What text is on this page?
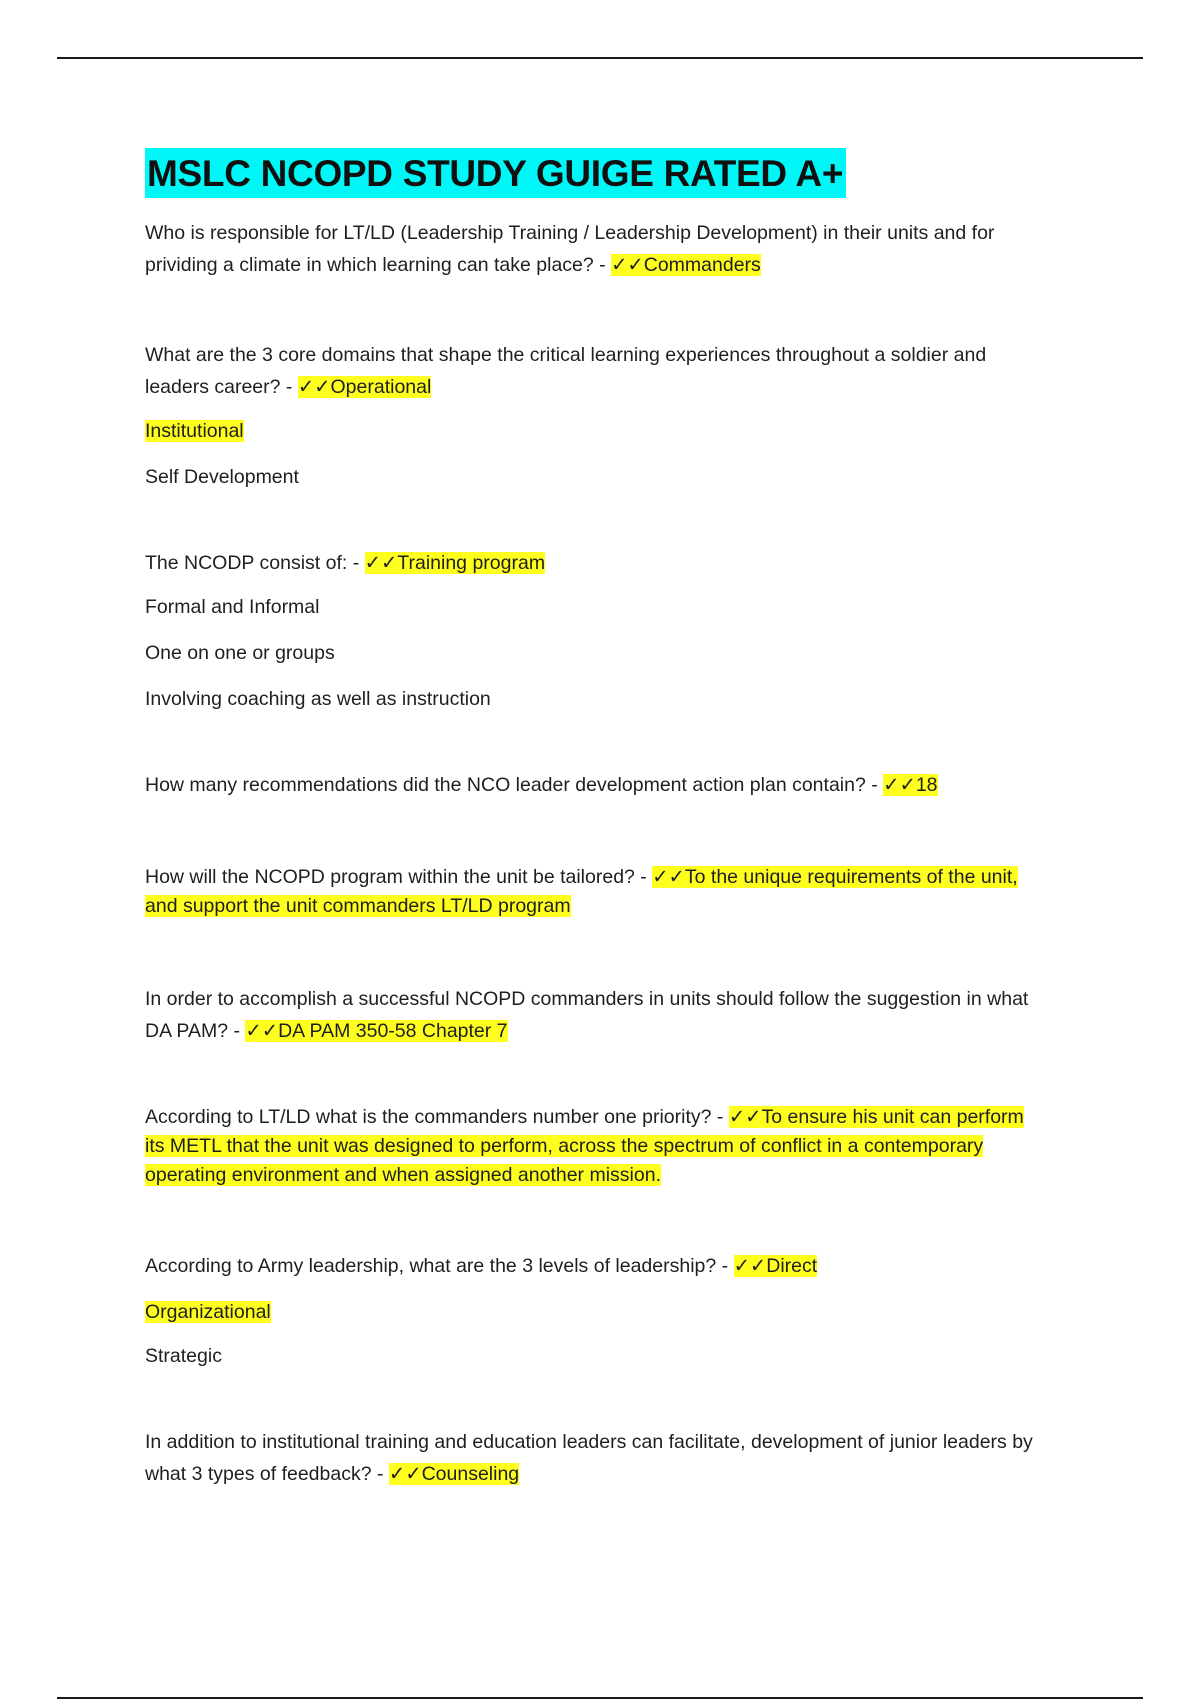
MSLC NCOPD STUDY GUIGE RATED A+

Who is responsible for LT/LD (Leadership Training / Leadership Development) in their units and for prividing a climate in which learning can take place? - ✓✓Commanders

What are the 3 core domains that shape the critical learning experiences throughout a soldier and leaders career? - ✓✓Operational

Institutional

Self Development

The NCODP consist of: - ✓✓Training program

Formal and Informal

One on one or groups

Involving coaching as well as instruction

How many recommendations did the NCO leader development action plan contain? - ✓✓18

How will the NCOPD program within the unit be tailored? - ✓✓To the unique requirements of the unit, and support the unit commanders LT/LD program

In order to accomplish a successful NCOPD commanders in units should follow the suggestion in what DA PAM? - ✓✓DA PAM 350-58 Chapter 7

According to LT/LD what is the commanders number one priority? - ✓✓To ensure his unit can perform its METL that the unit was designed to perform, across the spectrum of conflict in a contemporary operating environment and when assigned another mission.

According to Army leadership, what are the 3 levels of leadership? - ✓✓Direct

Organizational

Strategic

In addition to institutional training and education leaders can facilitate, development of junior leaders by what 3 types of feedback? - ✓✓Counseling
